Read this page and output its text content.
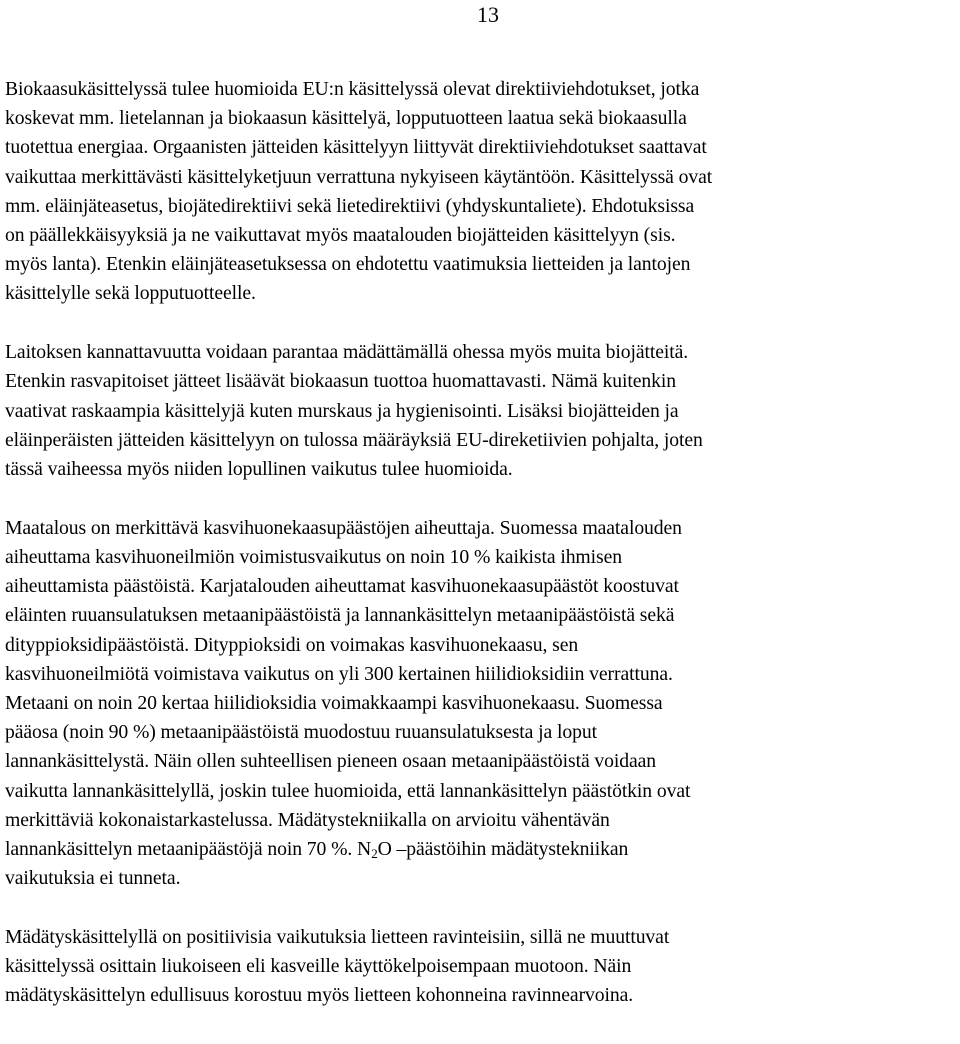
13
Biokaasukäsittelyssä tulee huomioida EU:n käsittelyssä olevat direktiiviehdotukset, jotka
koskevat mm. lietelannan ja biokaasun käsittelyä, lopputuotteen laatua sekä biokaasulla
tuotettua energiaa. Orgaanisten jätteiden käsittelyyn liittyvät direktiiviehdotukset saattavat
vaikuttaa merkittävästi käsittelyketjuun verrattuna nykyiseen käytäntöön. Käsittelyssä ovat
mm. eläinjäteasetus, biojätedirektiivi sekä lietedirektiivi (yhdyskuntaliete). Ehdotuksissa
on päällekkäisyyksiä ja ne vaikuttavat myös maatalouden biojätteiden käsittelyyn (sis.
myös lanta). Etenkin eläinjäteasetuksessa on ehdotettu vaatimuksia lietteiden ja lantojen
käsittelylle sekä lopputuotteelle.
Laitoksen kannattavuutta voidaan parantaa mädättämällä ohessa myös muita biojätteitä.
Etenkin rasvapitoiset jätteet lisäävät biokaasun tuottoa huomattavasti. Nämä kuitenkin
vaativat raskaampia käsittelyjä kuten murskaus ja hygienisointi. Lisäksi biojätteiden ja
eläinperäisten jätteiden käsittelyyn on tulossa määräyksiä EU-direketiivien pohjalta, joten
tässä vaiheessa myös niiden lopullinen vaikutus tulee huomioida.
Maatalous on merkittävä kasvihuonekaasupäästöjen aiheuttaja. Suomessa maatalouden
aiheuttama kasvihuoneilmiön voimistusvaikutus on noin 10 % kaikista ihmisen
aiheuttamista päästöistä. Karjatalouden aiheuttamat kasvihuonekaasupäästöt koostuvat
eläinten ruuansulatuksen metaanipäästöistä ja lannankäsittelyn metaanipäästöistä sekä
dityppioksidipäästöistä. Dityppioksidi on voimakas kasvihuonekaasu, sen
kasvihuoneilmiötä voimistava vaikutus on yli 300 kertainen hiilidioksidiin verrattuna.
Metaani on noin 20 kertaa hiilidioksidia voimakkaampi kasvihuonekaasu. Suomessa
pääosa (noin 90 %) metaanipäästöistä muodostuu ruuansulatuksesta ja loput
lannankäsittelystä. Näin ollen suhteellisen pieneen osaan metaanipäästöistä voidaan
vaikutta lannankäsittelyllä, joskin tulee huomioida, että lannankäsittelyn päästötkin ovat
merkittäviä kokonaistarkastelussa. Mädätystekniikalla on arvioitu vähentävän
lannankäsittelyn metaanipäästöjä noin 70 %. $N_2O$ –päästöihin mädätystekniikan
vaikutuksia ei tunneta.
Mädätyskäsittelyllä on positiivisia vaikutuksia lietteen ravinteisiin, sillä ne muuttuvat
käsittelyssä osittain liukoiseen eli kasveille käyttökelpoisempaan muotoon. Näin
mädätyskäsittelyn edullisuus korostuu myös lietteen kohonneina ravinnearvoina.
